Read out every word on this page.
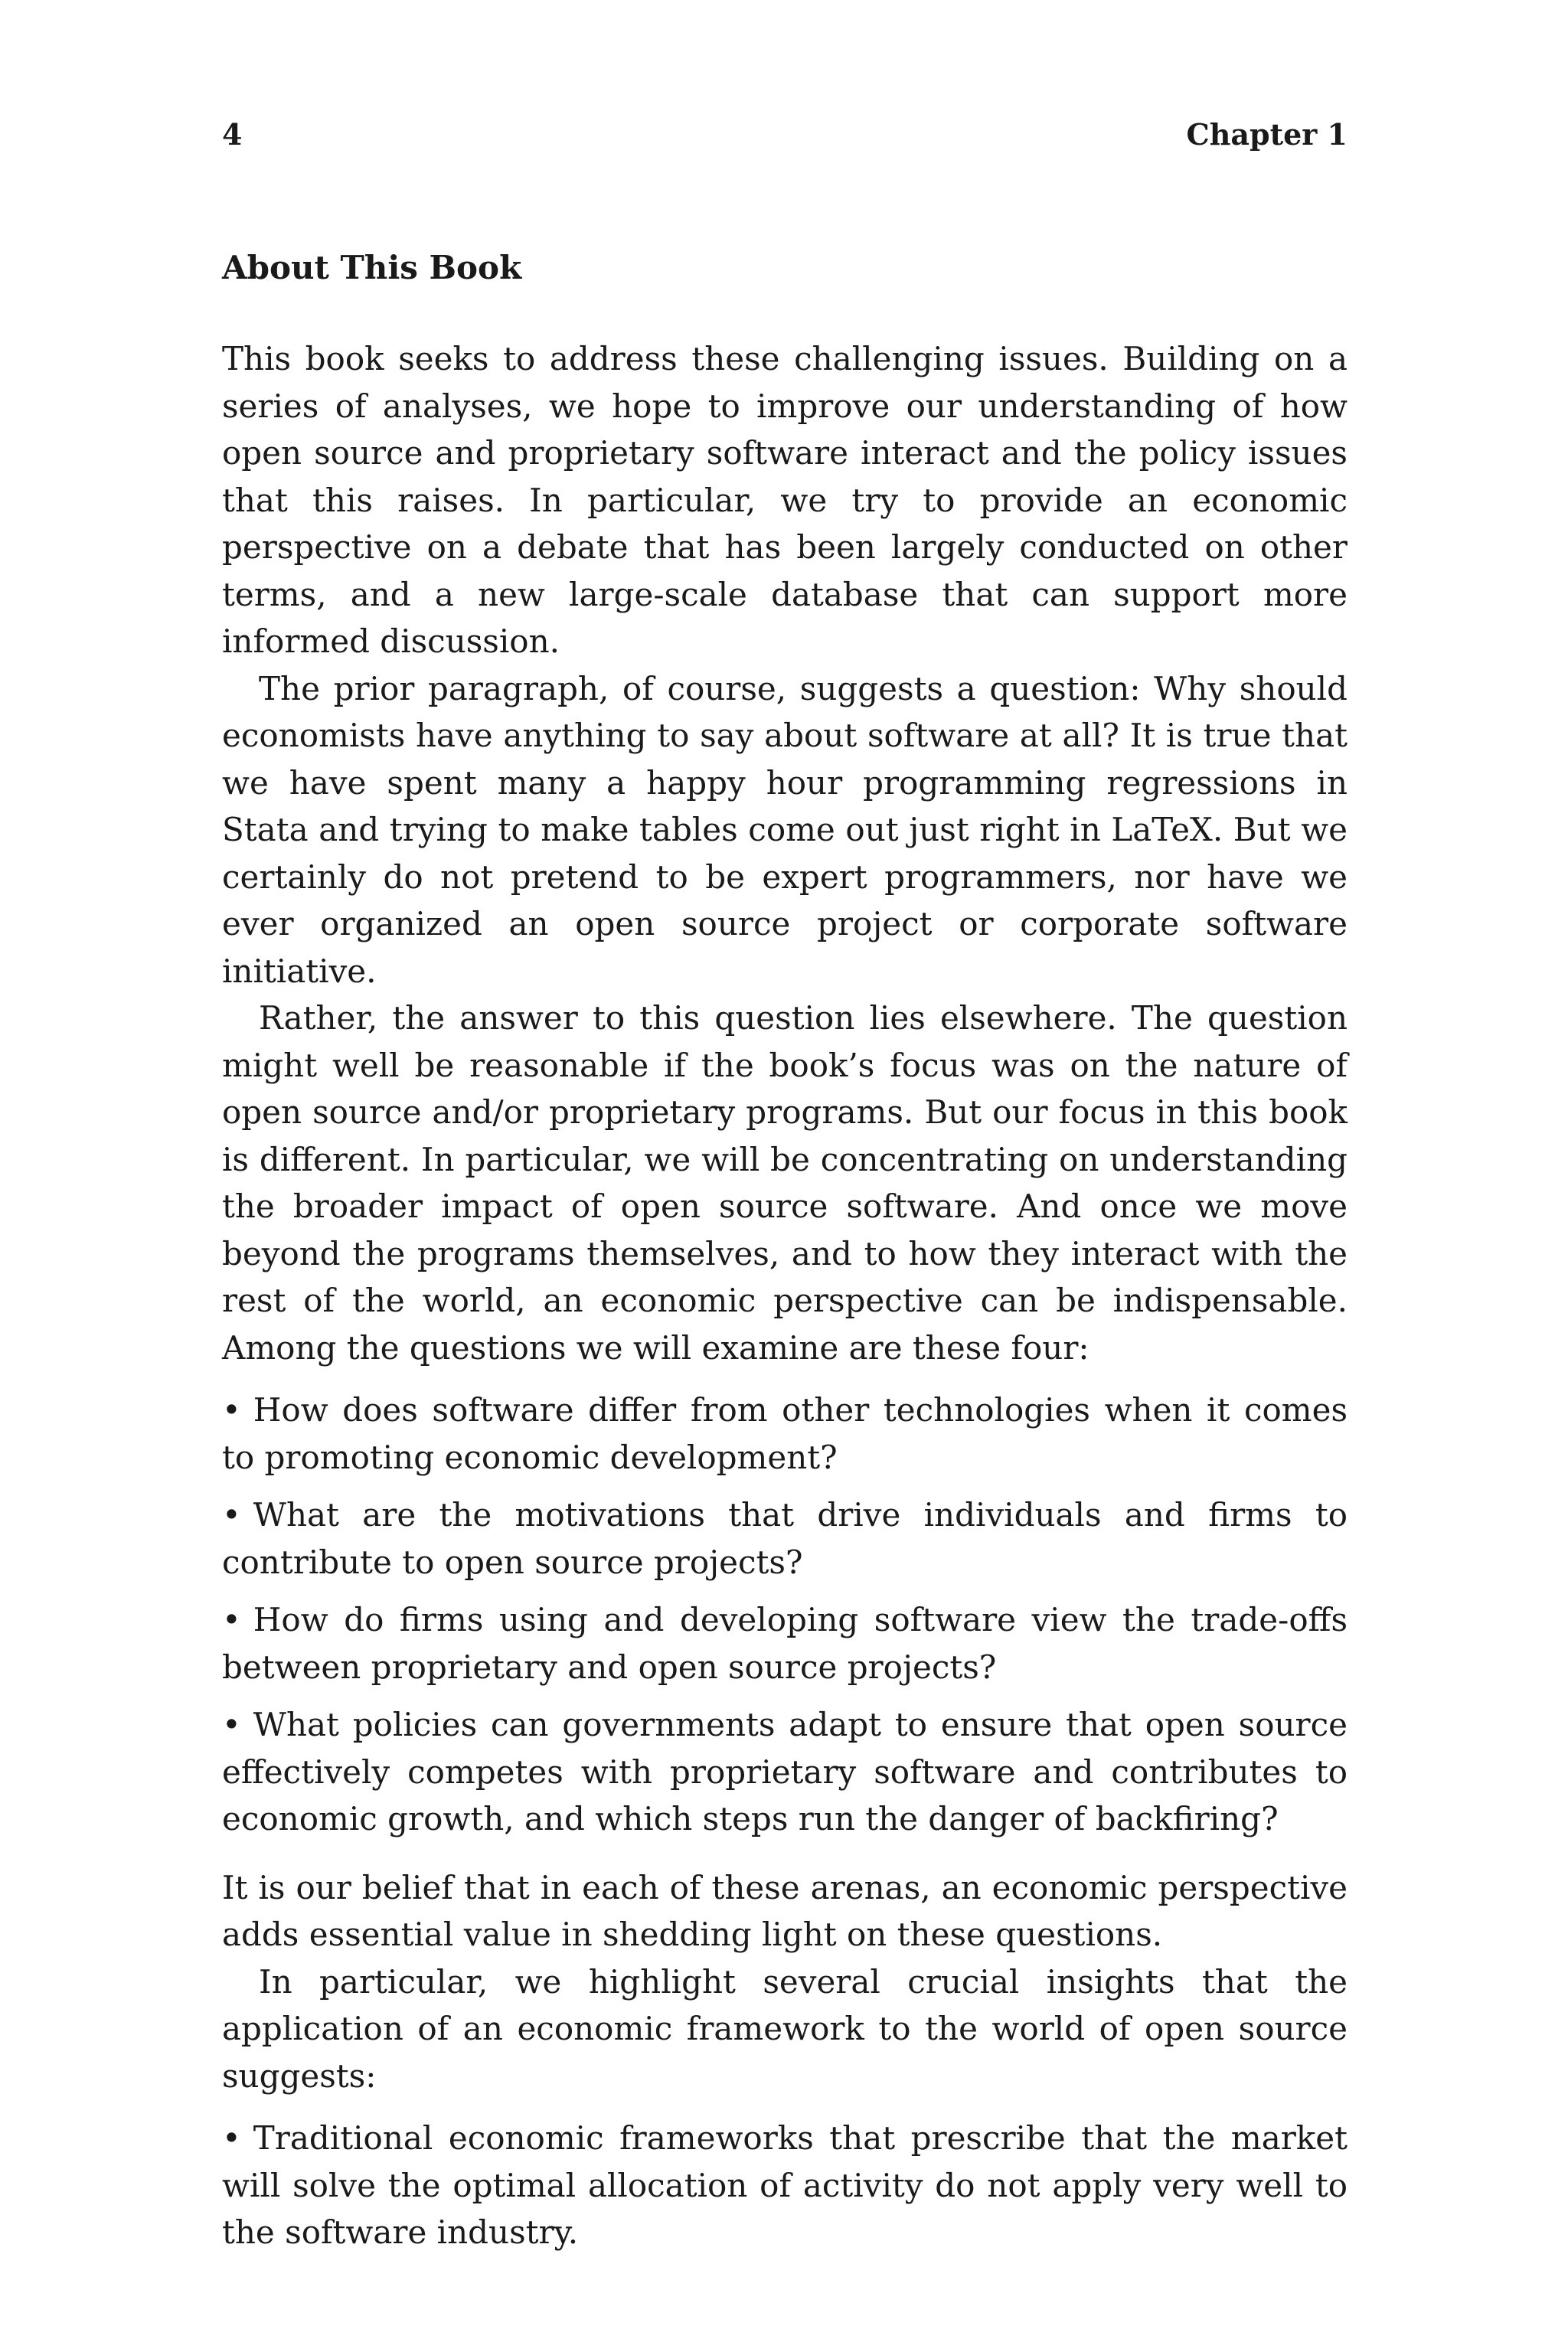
4	Chapter 1
About This Book

This book seeks to address these challenging issues. Building on a series of analyses, we hope to improve our understanding of how open source and proprietary software interact and the policy issues that this raises. In particular, we try to provide an economic perspective on a debate that has been largely conducted on other terms, and a new large-scale database that can support more informed discussion.

The prior paragraph, of course, suggests a question: Why should economists have anything to say about software at all? It is true that we have spent many a happy hour programming regressions in Stata and trying to make tables come out just right in LaTeX. But we certainly do not pretend to be expert programmers, nor have we ever organized an open source project or corporate software initiative.

Rather, the answer to this question lies elsewhere. The question might well be reasonable if the book’s focus was on the nature of open source and/or proprietary programs. But our focus in this book is different. In particular, we will be concentrating on understanding the broader impact of open source software. And once we move beyond the programs themselves, and to how they interact with the rest of the world, an economic perspective can be indispensable. Among the questions we will examine are these four:

• How does software differ from other technologies when it comes to promoting economic development?
• What are the motivations that drive individuals and firms to contribute to open source projects?
• How do firms using and developing software view the trade-offs between proprietary and open source projects?
• What policies can governments adapt to ensure that open source effectively competes with proprietary software and contributes to economic growth, and which steps run the danger of backfiring?

It is our belief that in each of these arenas, an economic perspective adds essential value in shedding light on these questions.

In particular, we highlight several crucial insights that the application of an economic framework to the world of open source suggests:

• Traditional economic frameworks that prescribe that the market will solve the optimal allocation of activity do not apply very well to the software industry.
